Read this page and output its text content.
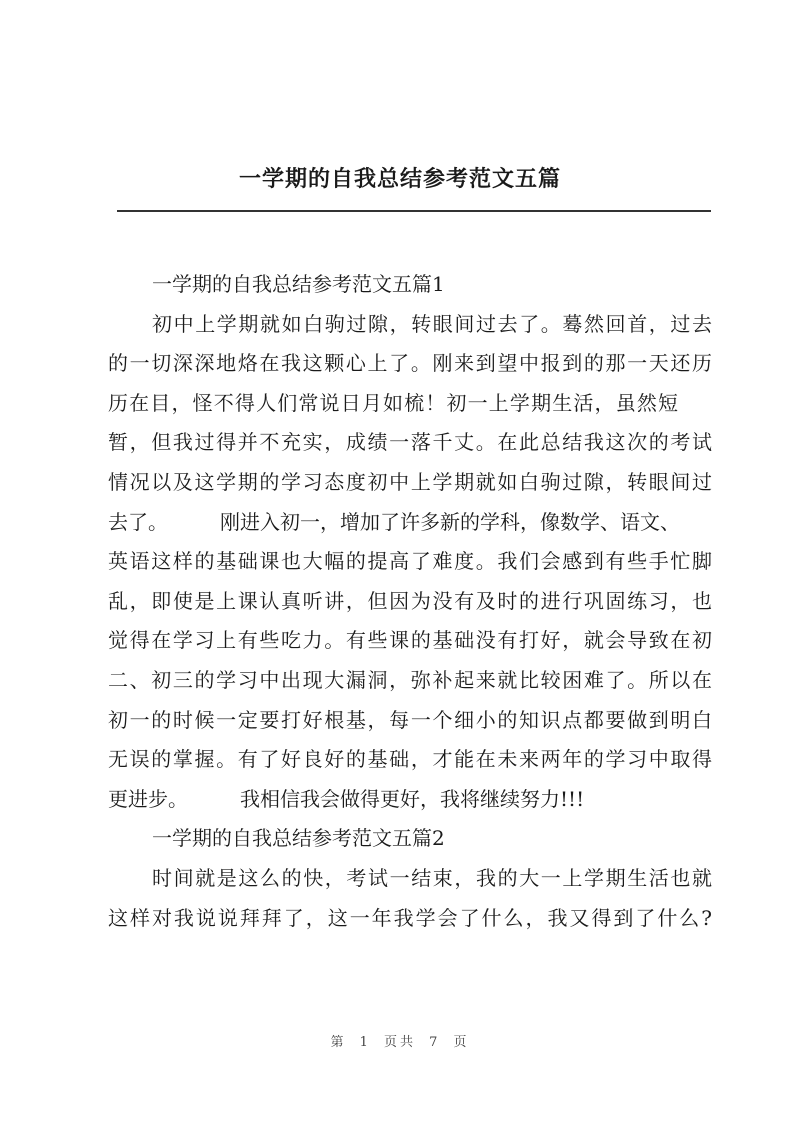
一学期的自我总结参考范文五篇
一学期的自我总结参考范文五篇1
初中上学期就如白驹过隙，转眼间过去了。蓦然回首，过去
的一切深深地烙在我这颗心上了。刚来到望中报到的那一天还历
历在目，怪不得人们常说日月如梳！初一上学期生活，虽然短
暂，但我过得并不充实，成绩一落千丈。在此总结我这次的考试
情况以及这学期的学习态度初中上学期就如白驹过隙，转眼间过
去了。	刚进入初一，增加了许多新的学科，像数学、语文、
英语这样的基础课也大幅的提高了难度。我们会感到有些手忙脚
乱，即使是上课认真听讲，但因为没有及时的进行巩固练习，也
觉得在学习上有些吃力。有些课的基础没有打好，就会导致在初
二、初三的学习中出现大漏洞，弥补起来就比较困难了。所以在
初一的时候一定要打好根基，每一个细小的知识点都要做到明白
无误的掌握。有了好良好的基础，才能在未来两年的学习中取得
更进步。	我相信我会做得更好，我将继续努力!!!
一学期的自我总结参考范文五篇2
时间就是这么的快，考试一结束，我的大一上学期生活也就
这样对我说说拜拜了，这一年我学会了什么，我又得到了什么?
第 1 页共 7 页
